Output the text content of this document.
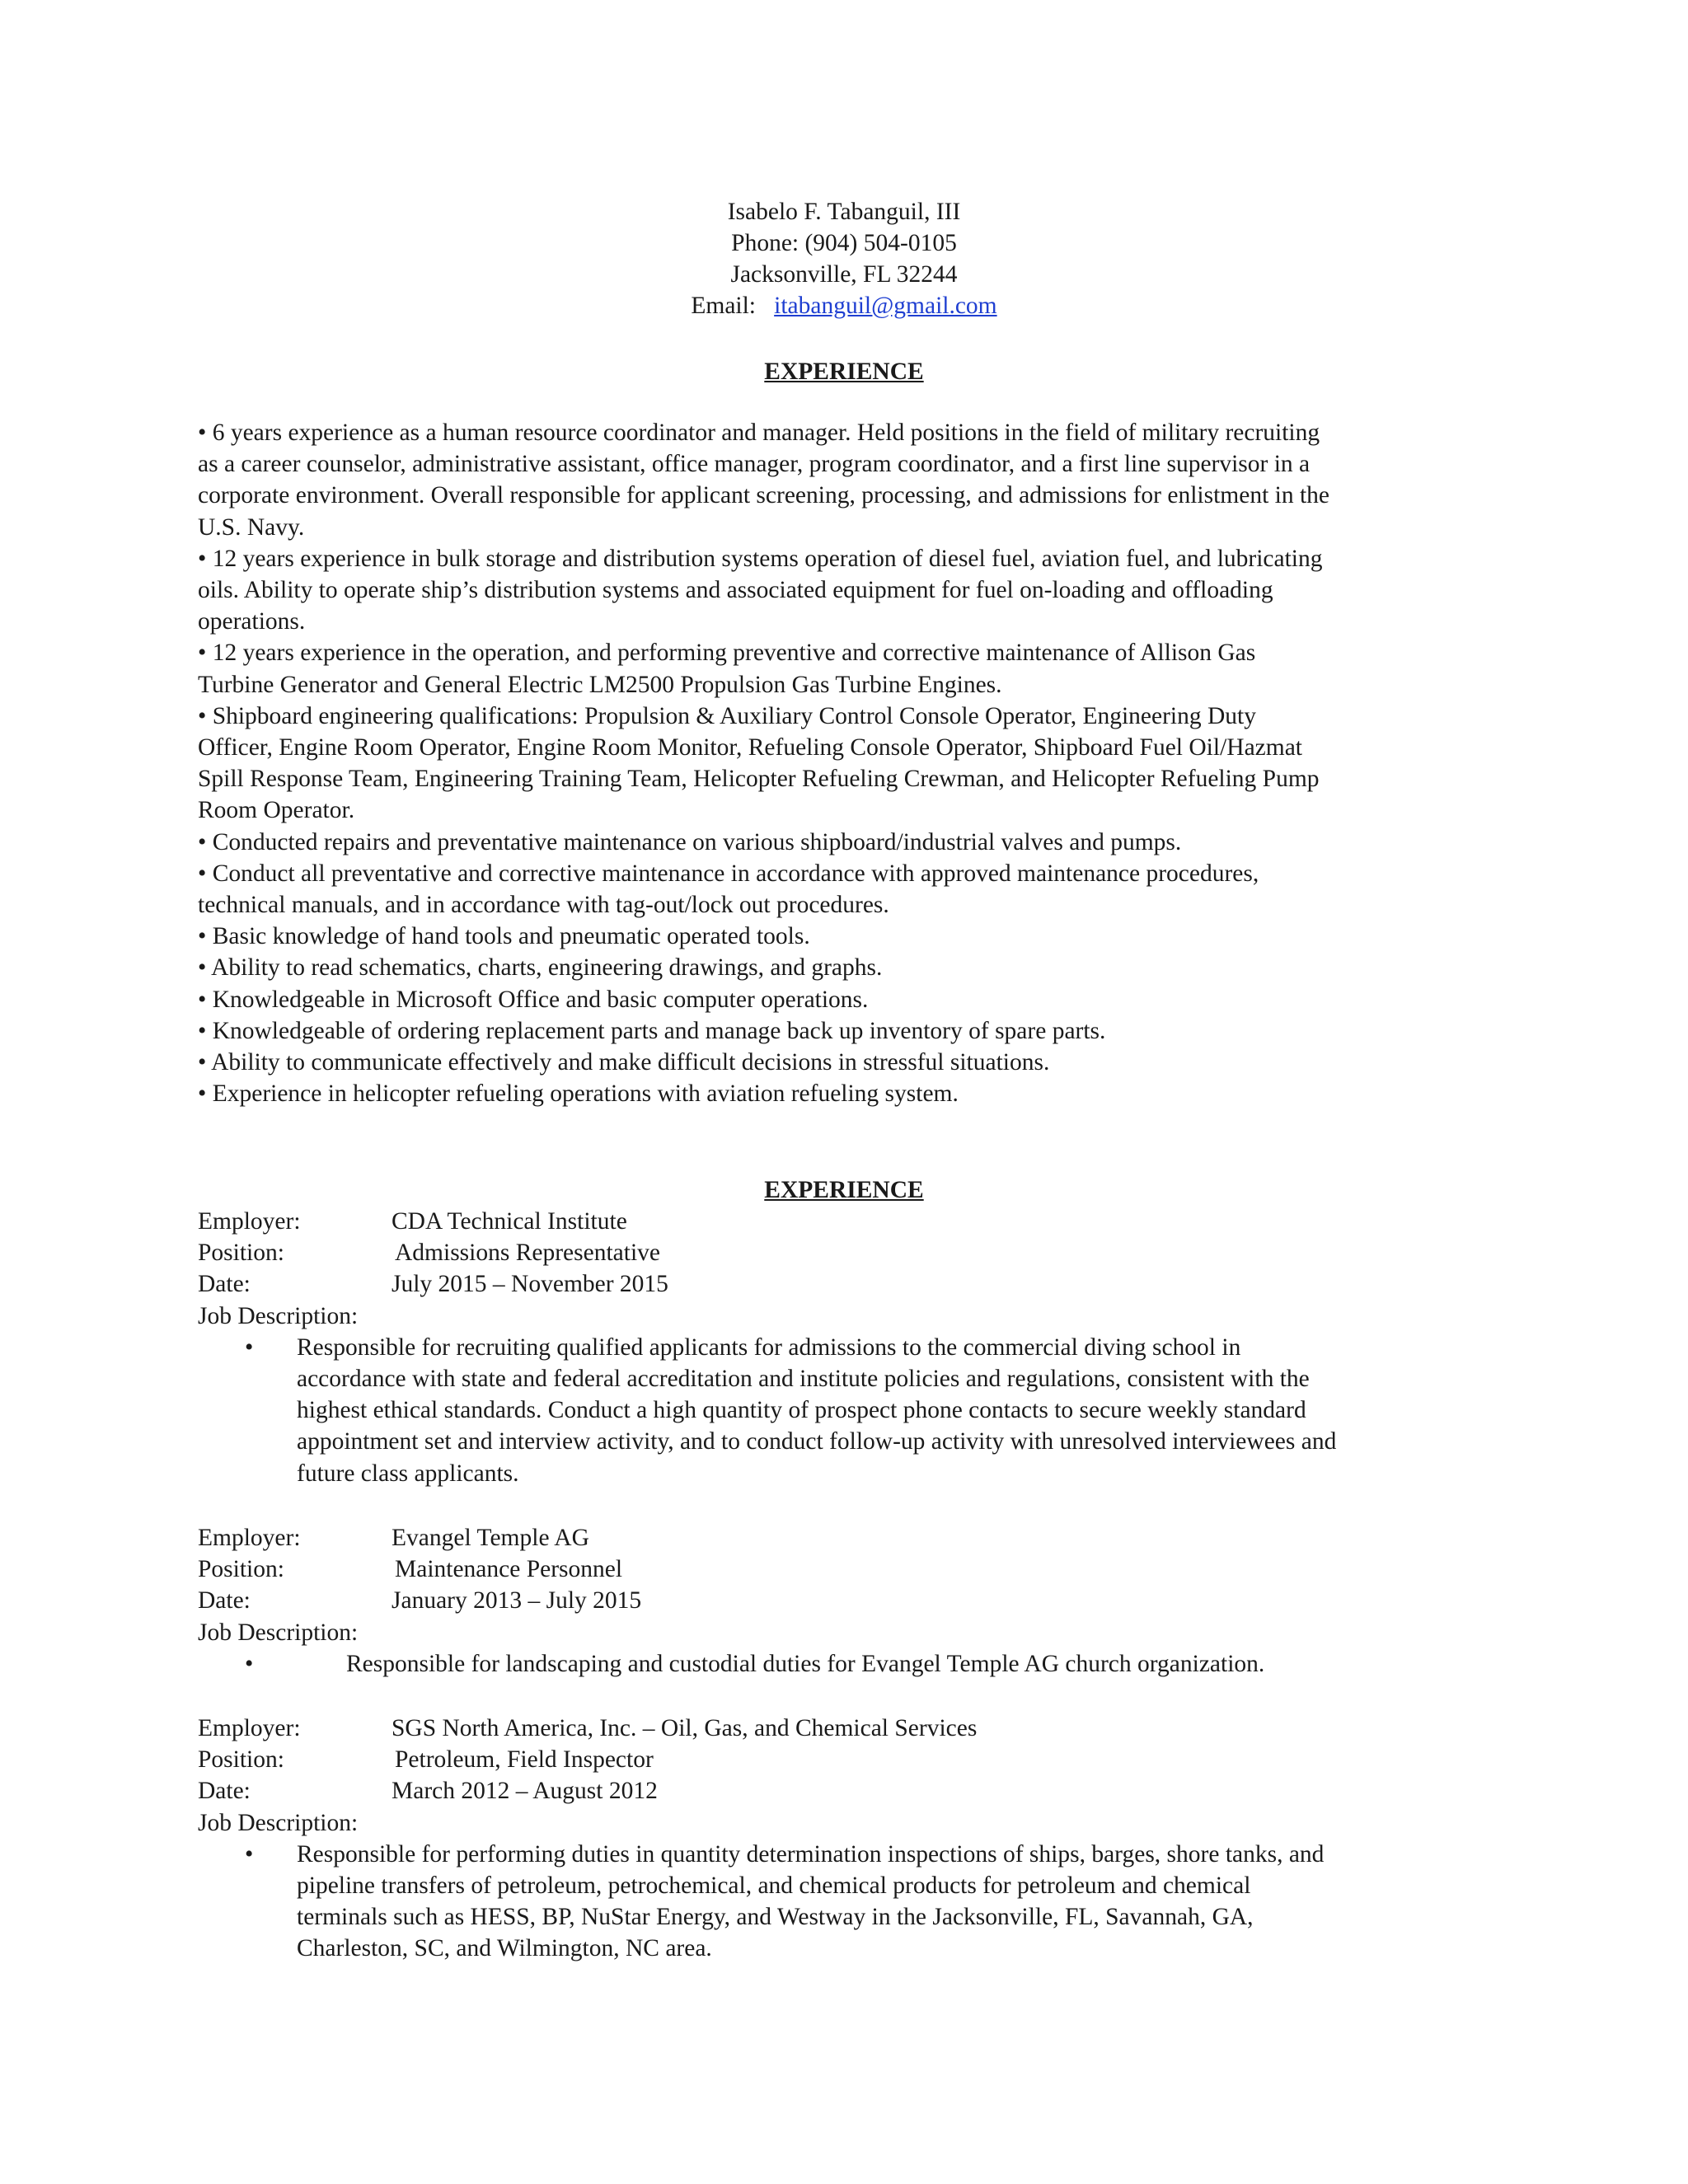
Isabelo F. Tabanguil, III
Phone: (904) 504-0105
Jacksonville, FL 32244
Email: itabanguil@gmail.com
EXPERIENCE

• 6 years experience as a human resource coordinator and manager. Held positions in the field of military recruiting

as a career counselor, administrative assistant, office manager, program coordinator, and a first line supervisor in a

corporate environment. Overall responsible for applicant screening, processing, and admissions for enlistment in the

U.S. Navy.

• 12 years experience in bulk storage and distribution systems operation of diesel fuel, aviation fuel, and lubricating

oils. Ability to operate ship’s distribution systems and associated equipment for fuel on-loading and offloading

operations.

• 12 years experience in the operation, and performing preventive and corrective maintenance of Allison Gas

Turbine Generator and General Electric LM2500 Propulsion Gas Turbine Engines.

• Shipboard engineering qualifications: Propulsion & Auxiliary Control Console Operator, Engineering Duty

Officer, Engine Room Operator, Engine Room Monitor, Refueling Console Operator, Shipboard Fuel Oil/Hazmat

Spill Response Team, Engineering Training Team, Helicopter Refueling Crewman, and Helicopter Refueling Pump

Room Operator.

• Conducted repairs and preventative maintenance on various shipboard/industrial valves and pumps.

• Conduct all preventative and corrective maintenance in accordance with approved maintenance procedures,

technical manuals, and in accordance with tag-out/lock out procedures.

• Basic knowledge of hand tools and pneumatic operated tools.

• Ability to read schematics, charts, engineering drawings, and graphs.

• Knowledgeable in Microsoft Office and basic computer operations.

• Knowledgeable of ordering replacement parts and manage back up inventory of spare parts.

• Ability to communicate effectively and make difficult decisions in stressful situations.

• Experience in helicopter refueling operations with aviation refueling system.

EXPERIENCE
Employer:	CDA Technical Institute
Position:	Admissions Representative
Date:	July 2015 – November 2015
Job Description:
• Responsible for recruiting qualified applicants for admissions to the commercial diving school in
accordance with state and federal accreditation and institute policies and regulations, consistent with the
highest ethical standards. Conduct a high quantity of prospect phone contacts to secure weekly standard
appointment set and interview activity, and to conduct follow-up activity with unresolved interviewees and
future class applicants.
Employer:	Evangel Temple AG
Position:	Maintenance Personnel
Date:	January 2013 – July 2015
Job Description:
•	Responsible for landscaping and custodial duties for Evangel Temple AG church organization.
Employer:	SGS North America, Inc. – Oil, Gas, and Chemical Services
Position:	Petroleum, Field Inspector
Date:	March 2012 – August 2012
Job Description:
• Responsible for performing duties in quantity determination inspections of ships, barges, shore tanks, and
pipeline transfers of petroleum, petrochemical, and chemical products for petroleum and chemical
terminals such as HESS, BP, NuStar Energy, and Westway in the Jacksonville, FL, Savannah, GA,
Charleston, SC, and Wilmington, NC area.
